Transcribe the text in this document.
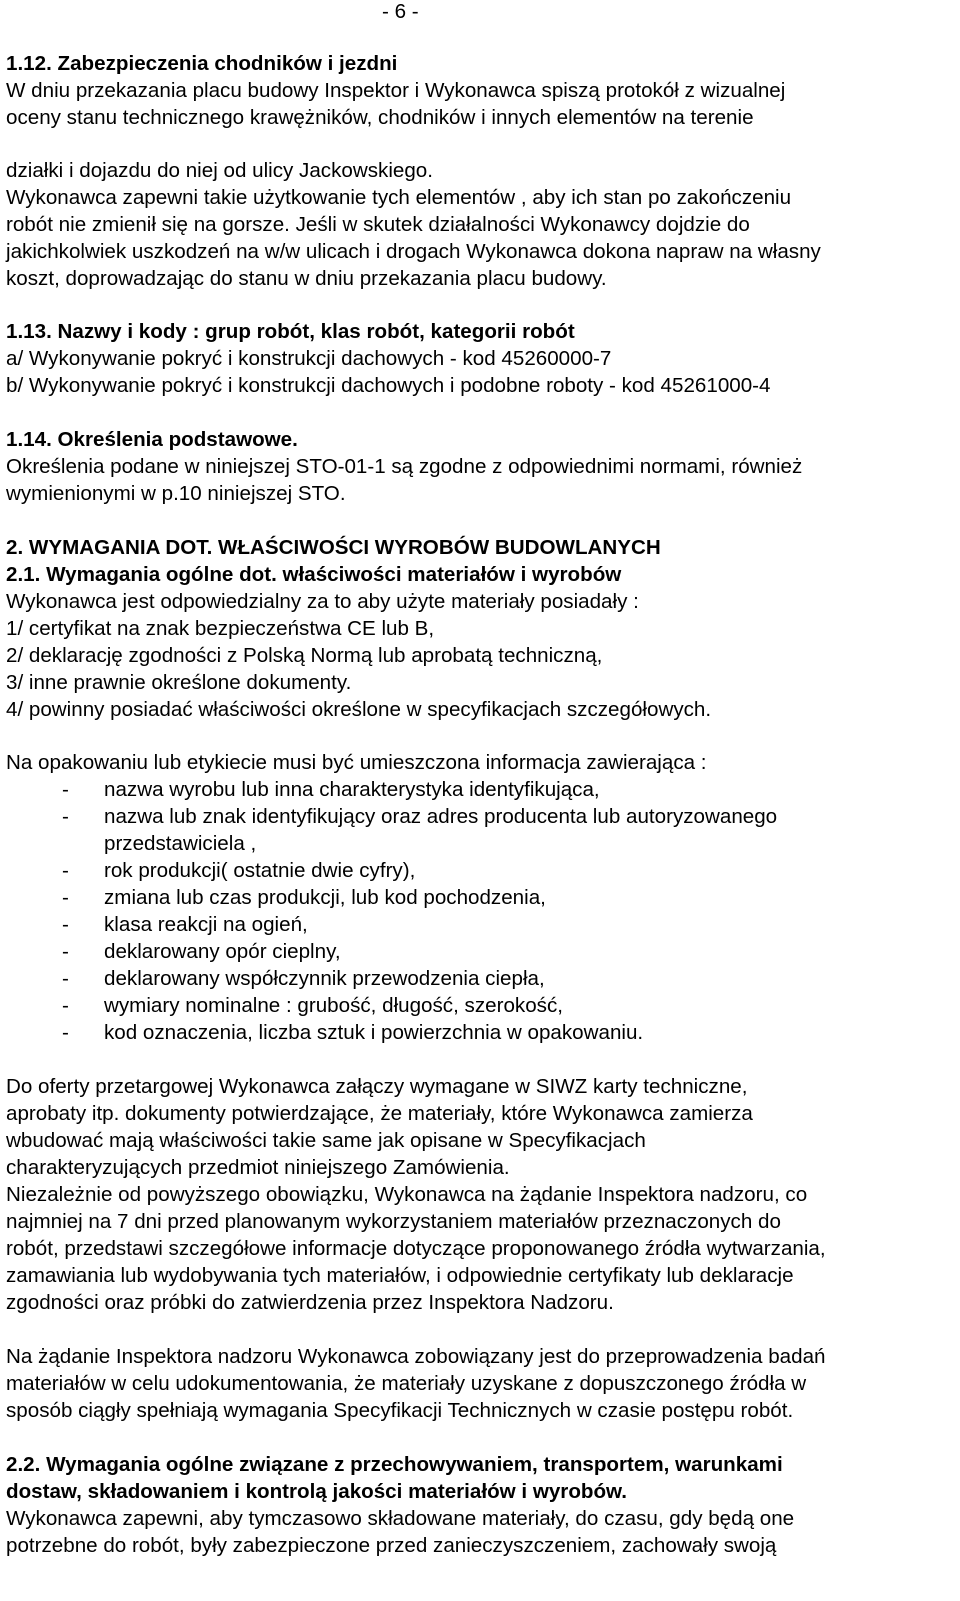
- 6 -
1.12. Zabezpieczenia chodników i jezdni
W dniu przekazania placu budowy Inspektor i Wykonawca spiszą protokół z wizualnej
oceny stanu technicznego krawężników, chodników i innych elementów na terenie
działki i dojazdu do niej od ulicy Jackowskiego.
Wykonawca zapewni takie użytkowanie tych elementów , aby ich stan po zakończeniu
robót nie zmienił się na gorsze. Jeśli w skutek działalności Wykonawcy dojdzie do
jakichkolwiek uszkodzeń na w/w ulicach i drogach Wykonawca dokona napraw na własny
koszt, doprowadzając do stanu w dniu przekazania placu budowy.
1.13. Nazwy i kody : grup robót, klas robót, kategorii robót
a/ Wykonywanie pokryć i konstrukcji dachowych - kod 45260000-7
b/ Wykonywanie pokryć i konstrukcji dachowych i podobne roboty - kod 45261000-4
1.14. Określenia podstawowe.
Określenia podane w niniejszej STO-01-1 są zgodne z odpowiednimi normami, również
wymienionymi w p.10 niniejszej STO.
2. WYMAGANIA DOT. WŁAŚCIWOŚCI WYROBÓW BUDOWLANYCH
2.1. Wymagania ogólne dot. właściwości materiałów i wyrobów
Wykonawca jest odpowiedzialny za to aby użyte materiały posiadały :
1/ certyfikat na znak bezpieczeństwa CE lub B,
2/ deklarację zgodności z Polską Normą lub aprobatą techniczną,
3/ inne prawnie określone dokumenty.
4/ powinny posiadać właściwości określone w specyfikacjach szczegółowych.
Na opakowaniu lub etykiecie musi być umieszczona informacja zawierająca :
- nazwa wyrobu lub inna charakterystyka identyfikująca,
- nazwa lub znak identyfikujący oraz adres producenta lub autoryzowanego
przedstawiciela ,
- rok produkcji( ostatnie dwie cyfry),
- zmiana lub czas produkcji, lub kod pochodzenia,
- klasa reakcji na ogień,
- deklarowany opór cieplny,
- deklarowany współczynnik przewodzenia ciepła,
- wymiary nominalne : grubość, długość, szerokość,
- kod oznaczenia, liczba sztuk i powierzchnia w opakowaniu.
Do oferty przetargowej Wykonawca załączy wymagane w SIWZ karty techniczne,
aprobaty itp. dokumenty potwierdzające, że materiały, które Wykonawca zamierza
wbudować mają właściwości takie same jak opisane w Specyfikacjach
charakteryzujących przedmiot niniejszego Zamówienia.
Niezależnie od powyższego obowiązku, Wykonawca na żądanie Inspektora nadzoru, co
najmniej na 7 dni przed planowanym wykorzystaniem materiałów przeznaczonych do
robót, przedstawi szczegółowe informacje dotyczące proponowanego źródła wytwarzania,
zamawiania lub wydobywania tych materiałów, i odpowiednie certyfikaty lub deklaracje
zgodności oraz próbki do zatwierdzenia przez Inspektora Nadzoru.
Na żądanie Inspektora nadzoru Wykonawca zobowiązany jest do przeprowadzenia badań
materiałów w celu udokumentowania, że materiały uzyskane z dopuszczonego źródła w
sposób ciągły spełniają wymagania Specyfikacji Technicznych w czasie postępu robót.
2.2. Wymagania ogólne związane z przechowywaniem, transportem, warunkami
dostaw, składowaniem i kontrolą jakości materiałów i wyrobów.
Wykonawca zapewni, aby tymczasowo składowane materiały, do czasu, gdy będą one
potrzebne do robót, były zabezpieczone przed zanieczyszczeniem, zachowały swoją
